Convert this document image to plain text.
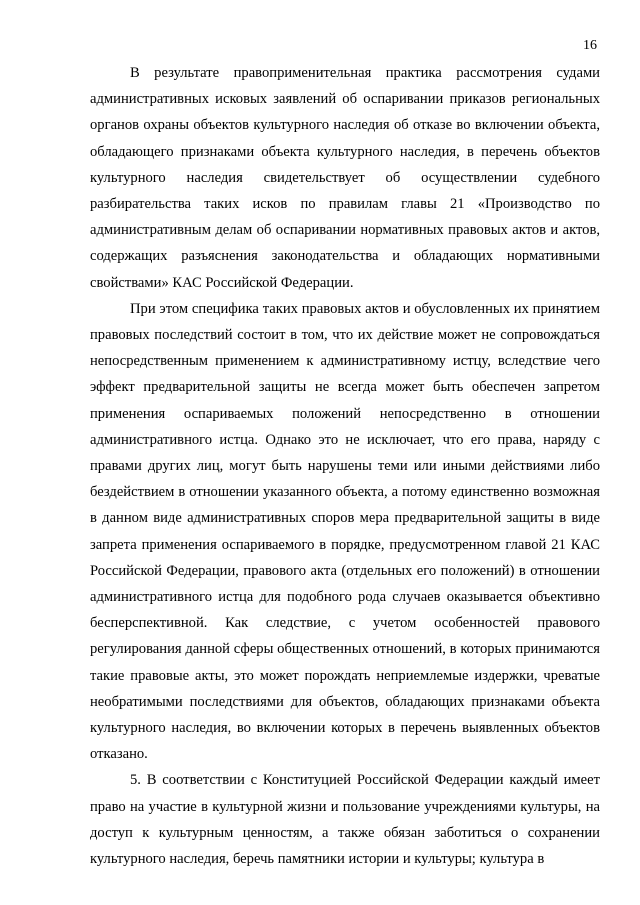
16

В результате правоприменительная практика рассмотрения судами административных исковых заявлений об оспаривании приказов региональных органов охраны объектов культурного наследия об отказе во включении объекта, обладающего признаками объекта культурного наследия, в перечень объектов культурного наследия свидетельствует об осуществлении судебного разбирательства таких исков по правилам главы 21 «Производство по административным делам об оспаривании нормативных правовых актов и актов, содержащих разъяснения законодательства и обладающих нормативными свойствами» КАС Российской Федерации.

При этом специфика таких правовых актов и обусловленных их принятием правовых последствий состоит в том, что их действие может не сопровождаться непосредственным применением к административному истцу, вследствие чего эффект предварительной защиты не всегда может быть обеспечен запретом применения оспариваемых положений непосредственно в отношении административного истца. Однако это не исключает, что его права, наряду с правами других лиц, могут быть нарушены теми или иными действиями либо бездействием в отношении указанного объекта, а потому единственно возможная в данном виде административных споров мера предварительной защиты в виде запрета применения оспариваемого в порядке, предусмотренном главой 21 КАС Российской Федерации, правового акта (отдельных его положений) в отношении административного истца для подобного рода случаев оказывается объективно бесперспективной. Как следствие, с учетом особенностей правового регулирования данной сферы общественных отношений, в которых принимаются такие правовые акты, это может порождать неприемлемые издержки, чреватые необратимыми последствиями для объектов, обладающих признаками объекта культурного наследия, во включении которых в перечень выявленных объектов отказано.

5. В соответствии с Конституцией Российской Федерации каждый имеет право на участие в культурной жизни и пользование учреждениями культуры, на доступ к культурным ценностям, а также обязан заботиться о сохранении культурного наследия, беречь памятники истории и культуры; культура в
